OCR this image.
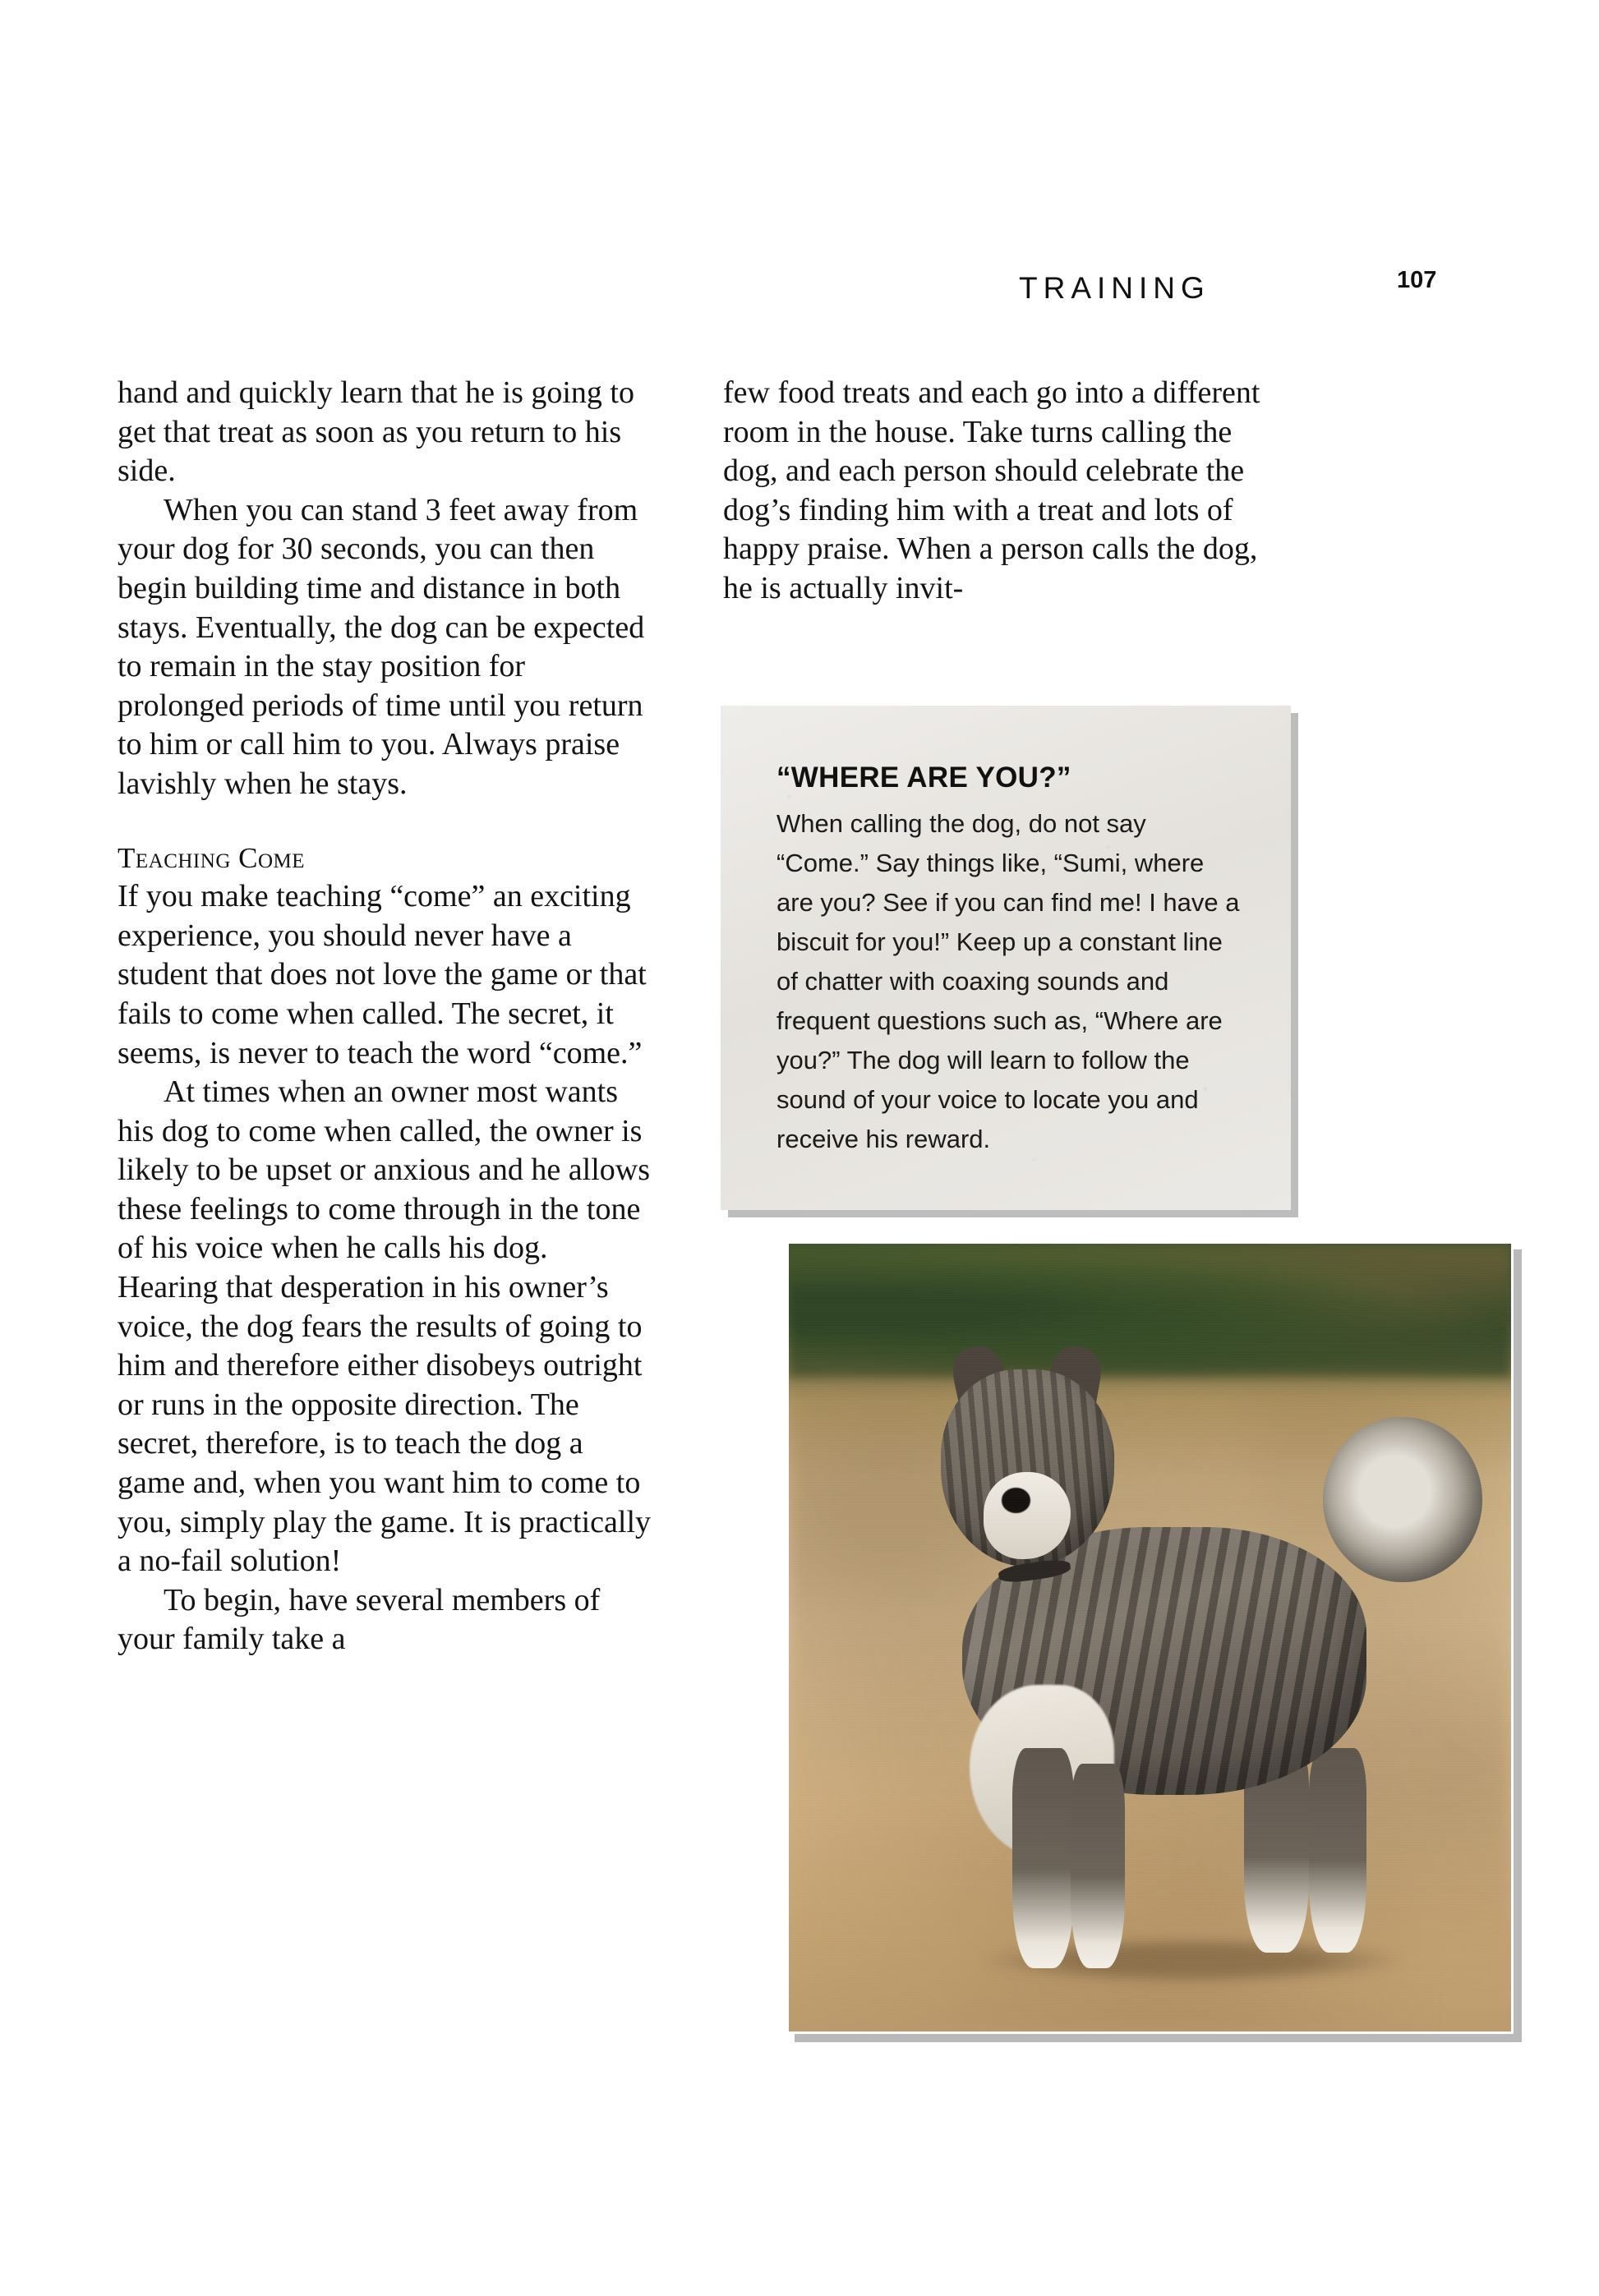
TRAINING	107

hand and quickly learn that he is going to get that treat as soon as you return to his side.

When you can stand 3 feet away from your dog for 30 seconds, you can then begin building time and distance in both stays. Eventually, the dog can be expected to remain in the stay position for prolonged periods of time until you return to him or call him to you. Always praise lavishly when he stays.

Teaching Come

If you make teaching “come” an exciting experience, you should never have a student that does not love the game or that fails to come when called. The secret, it seems, is never to teach the word “come.”

At times when an owner most wants his dog to come when called, the owner is likely to be upset or anxious and he allows these feelings to come through in the tone of his voice when he calls his dog. Hearing that desperation in his owner’s voice, the dog fears the results of going to him and therefore either disobeys outright or runs in the opposite direction. The secret, therefore, is to teach the dog a game and, when you want him to come to you, simply play the game. It is practically a no-fail solution!

To begin, have several members of your family take a

few food treats and each go into a different room in the house. Take turns calling the dog, and each person should celebrate the dog’s finding him with a treat and lots of happy praise. When a person calls the dog, he is actually invit-

“WHERE ARE YOU?”
When calling the dog, do not say “Come.” Say things like, “Sumi, where are you? See if you can find me! I have a biscuit for you!” Keep up a constant line of chatter with coaxing sounds and frequent questions such as, “Where are you?” The dog will learn to follow the sound of your voice to locate you and receive his reward.
